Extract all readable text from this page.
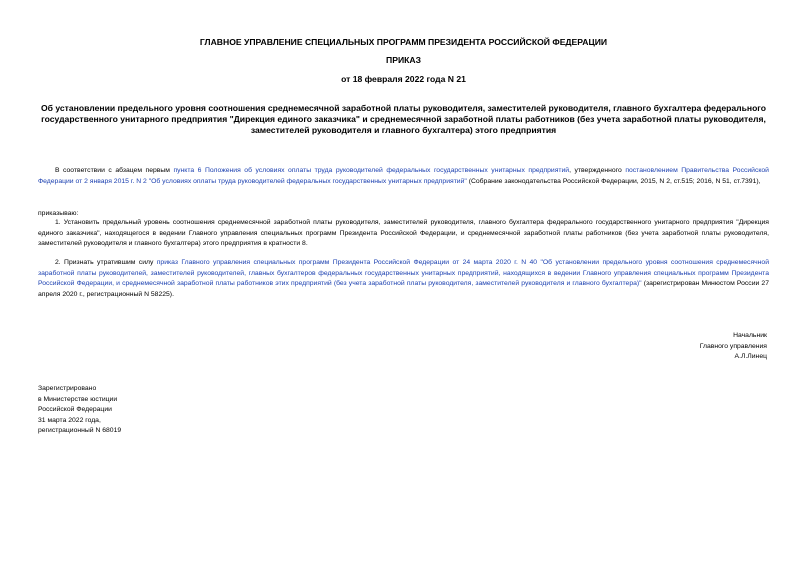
ГЛАВНОЕ УПРАВЛЕНИЕ СПЕЦИАЛЬНЫХ ПРОГРАММ ПРЕЗИДЕНТА РОССИЙСКОЙ ФЕДЕРАЦИИ
ПРИКАЗ
от 18 февраля 2022 года N 21
Об установлении предельного уровня соотношения среднемесячной заработной платы руководителя, заместителей руководителя, главного бухгалтера федерального государственного унитарного предприятия "Дирекция единого заказчика" и среднемесячной заработной платы работников (без учета заработной платы руководителя, заместителей руководителя и главного бухгалтера) этого предприятия
В соответствии с абзацем первым пункта 6 Положения об условиях оплаты труда руководителей федеральных государственных унитарных предприятий, утвержденного постановлением Правительства Российской Федерации от 2 января 2015 г. N 2 "Об условиях оплаты труда руководителей федеральных государственных унитарных предприятий" (Собрание законодательства Российской Федерации, 2015, N 2, ст.515; 2016, N 51, ст.7391),
приказываю:
1. Установить предельный уровень соотношения среднемесячной заработной платы руководителя, заместителей руководителя, главного бухгалтера федерального государственного унитарного предприятия "Дирекция единого заказчика", находящегося в ведении Главного управления специальных программ Президента Российской Федерации, и среднемесячной заработной платы работников (без учета заработной платы руководителя, заместителей руководителя и главного бухгалтера) этого предприятия в кратности 8.
2. Признать утратившим силу приказ Главного управления специальных программ Президента Российской Федерации от 24 марта 2020 г. N 40 "Об установлении предельного уровня соотношения среднемесячной заработной платы руководителей, заместителей руководителей, главных бухгалтеров федеральных государственных унитарных предприятий, находящихся в ведении Главного управления специальных программ Президента Российской Федерации, и среднемесячной заработной платы работников этих предприятий (без учета заработной платы руководителя, заместителей руководителя и главного бухгалтера)" (зарегистрирован Минюстом России 27 апреля 2020 г., регистрационный N 58225).
Начальник
Главного управления
А.Л.Линец
Зарегистрировано
в Министерстве юстиции
Российской Федерации
31 марта 2022 года,
регистрационный N 68019
